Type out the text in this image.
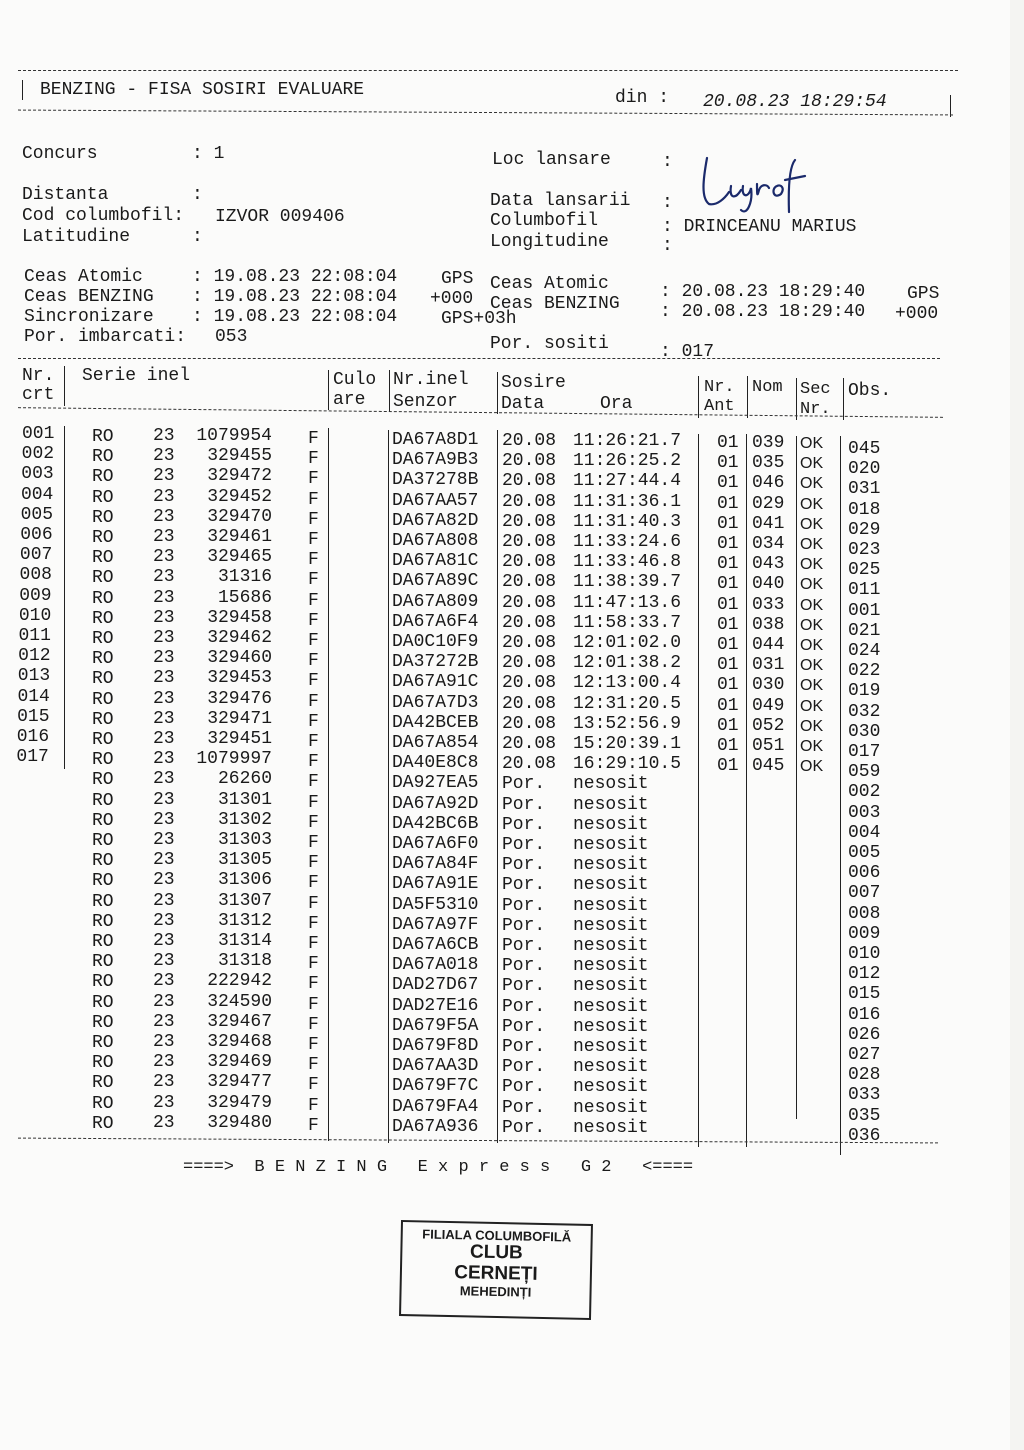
BENZING - FISA SOSIRI EVALUARE	din : 20.08.23 18:29:54
Concurs	: 1
Distanta	:
Cod columbofil: IZVOR 009406
Latitudine	:
Loc lansare	:
Data lansarii :
Columbofil	: DRINCEANU MARIUS
Longitudine	:
Ceas Atomic	: 19.08.23 22:08:04 GPS
Ceas BENZING : 19.08.23 22:08:04 +000
Sincronizare : 19.08.23 22:08:04 GPS+03h
Por. imbarcati: 053
Ceas Atomic	: 20.08.23 18:29:40 GPS
Ceas BENZING : 20.08.23 18:29:40 +000
Por. sositi	: 017
Nr.
crt
Serie inel	Culo
are
Nr.inel
Senzor
Sosire
Data	Ora
Nr.
Ant
Nom Sec
Nr.
Obs.
001 RO 23	1079954 F	DA67A8D1 20.08 11:26:21.7 01 039 OK 045
002 RO 23	329455 F	DA67A9B3 20.08 11:26:25.2 01 035 OK 020
003 RO 23	329472 F	DA37278B 20.08 11:27:44.4 01 046 OK 031
004 RO 23	329452 F	DA67AA57 20.08 11:31:36.1 01 029 OK 018
005 RO 23	329470 F	DA67A82D 20.08 11:31:40.3 01 041 OK 029
006 RO 23	329461 F	DA67A808 20.08 11:33:24.6 01 034 OK 023
007 RO 23	329465 F	DA67A81C 20.08 11:33:46.8 01 043 OK 025
008 RO 23	31316 F	DA67A89C 20.08 11:38:39.7 01 040 OK 011
009 RO 23	15686 F	DA67A809 20.08 11:47:13.6 01 033 OK 001
010 RO 23	329458 F	DA67A6F4 20.08 11:58:33.7 01 038 OK 021
011 RO 23	329462 F	DA0C10F9 20.08 12:01:02.0 01 044 OK 024
012 RO 23	329460 F	DA37272B 20.08 12:01:38.2 01 031 OK 022
013 RO 23	329453 F	DA67A91C 20.08 12:13:00.4 01 030 OK 019
014 RO 23	329476 F	DA67A7D3 20.08 12:31:20.5 01 049 OK 032
015 RO 23	329471 F	DA42BCEB 20.08 13:52:56.9 01 052 OK 030
016 RO 23	329451 F	DA67A854 20.08 15:20:39.1 01 051 OK 017
017 RO 23	1079997 F	DA40E8C8 20.08 16:29:10.5 01 045 OK 059
RO 23	26260 F	DA927EA5 Por. nesosit	002
RO 23	31301 F	DA67A92D Por. nesosit	003
RO 23	31302 F	DA42BC6B Por. nesosit	004
RO 23	31303 F	DA67A6F0 Por. nesosit	005
RO 23	31305 F	DA67A84F Por. nesosit	006
RO 23	31306 F	DA67A91E Por. nesosit	007
RO 23	31307 F	DA5F5310 Por. nesosit	008
RO 23	31312 F	DA67A97F Por. nesosit	009
RO 23	31314 F	DA67A6CB Por. nesosit	010
RO 23	31318 F	DA67A018 Por. nesosit	012
RO 23	222942 F	DAD27D67 Por. nesosit	015
RO 23	324590 F	DAD27E16 Por. nesosit	016
RO 23	329467 F	DA679F5A Por. nesosit	026
RO 23	329468 F	DA679F8D Por. nesosit	027
RO 23	329469 F	DA67AA3D Por. nesosit	028
RO 23	329477 F	DA679F7C Por. nesosit	033
RO 23	329479 F	DA679FA4 Por. nesosit	035
RO 23	329480 F	DA67A936 Por. nesosit	036
====>  B E N Z I N G   E x p r e s s   G 2   <====
FILIALA COLUMBOFILĂ
CLUB
CERNEȚI
MEHEDINȚI
